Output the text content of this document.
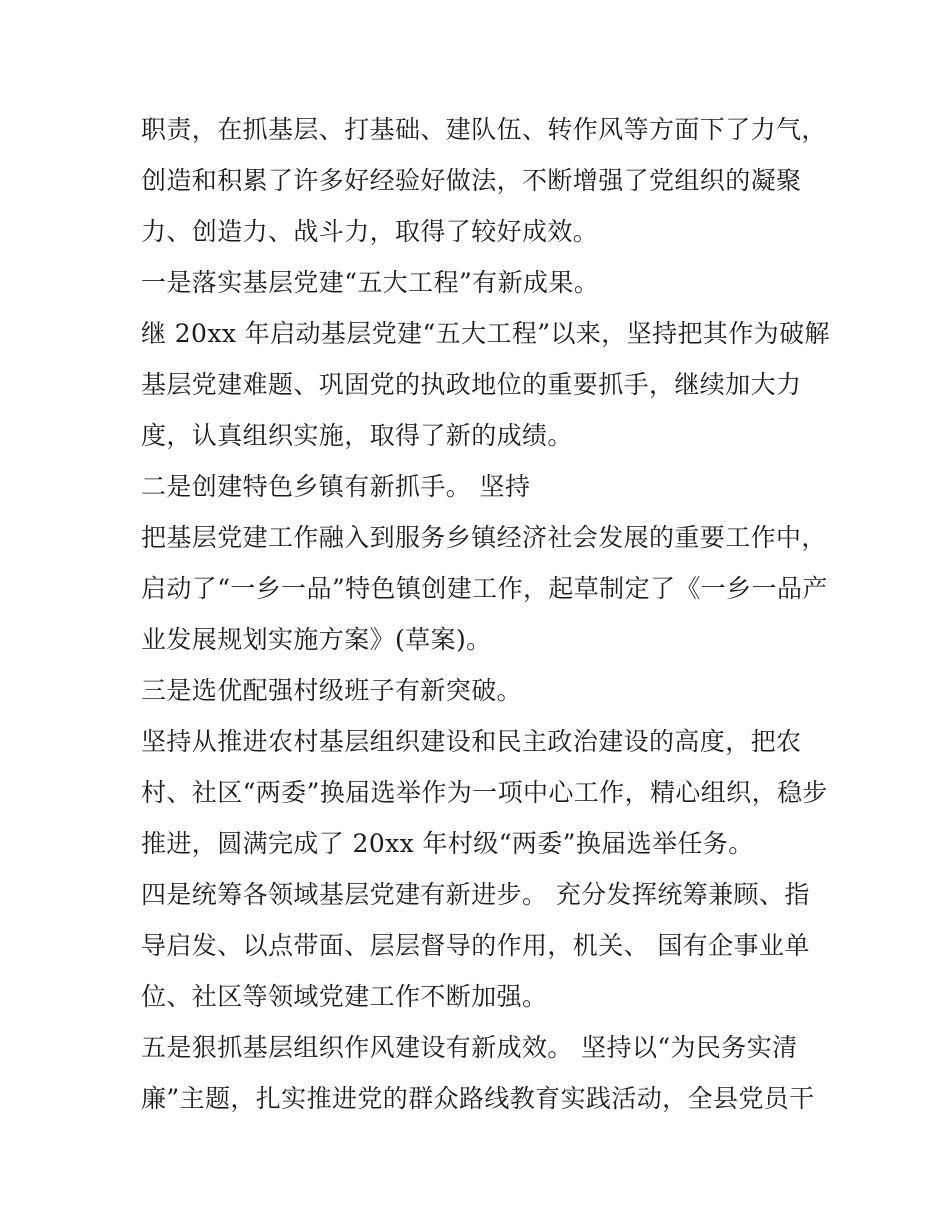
职责，在抓基层、打基础、建队伍、转作风等方面下了力气，
创造和积累了许多好经验好做法，不断增强了党组织的凝聚
力、创造力、战斗力，取得了较好成效。
一是落实基层党建“五大工程”有新成果。
继 20xx 年启动基层党建“五大工程”以来，坚持把其作为破解
基层党建难题、巩固党的执政地位的重要抓手，继续加大力
度，认真组织实施，取得了新的成绩。
二是创建特色乡镇有新抓手。 坚持
把基层党建工作融入到服务乡镇经济社会发展的重要工作中，
启动了“一乡一品”特色镇创建工作，起草制定了《一乡一品产
业发展规划实施方案》(草案)。
三是选优配强村级班子有新突破。
坚持从推进农村基层组织建设和民主政治建设的高度，把农
村、社区“两委”换届选举作为一项中心工作，精心组织，稳步
推进，圆满完成了 20xx 年村级“两委”换届选举任务。
四是统筹各领域基层党建有新进步。 充分发挥统筹兼顾、指
导启发、以点带面、层层督导的作用，机关、 国有企事业单
位、社区等领域党建工作不断加强。
五是狠抓基层组织作风建设有新成效。 坚持以“为民务实清
廉”主题，扎实推进党的群众路线教育实践活动，全县党员干
